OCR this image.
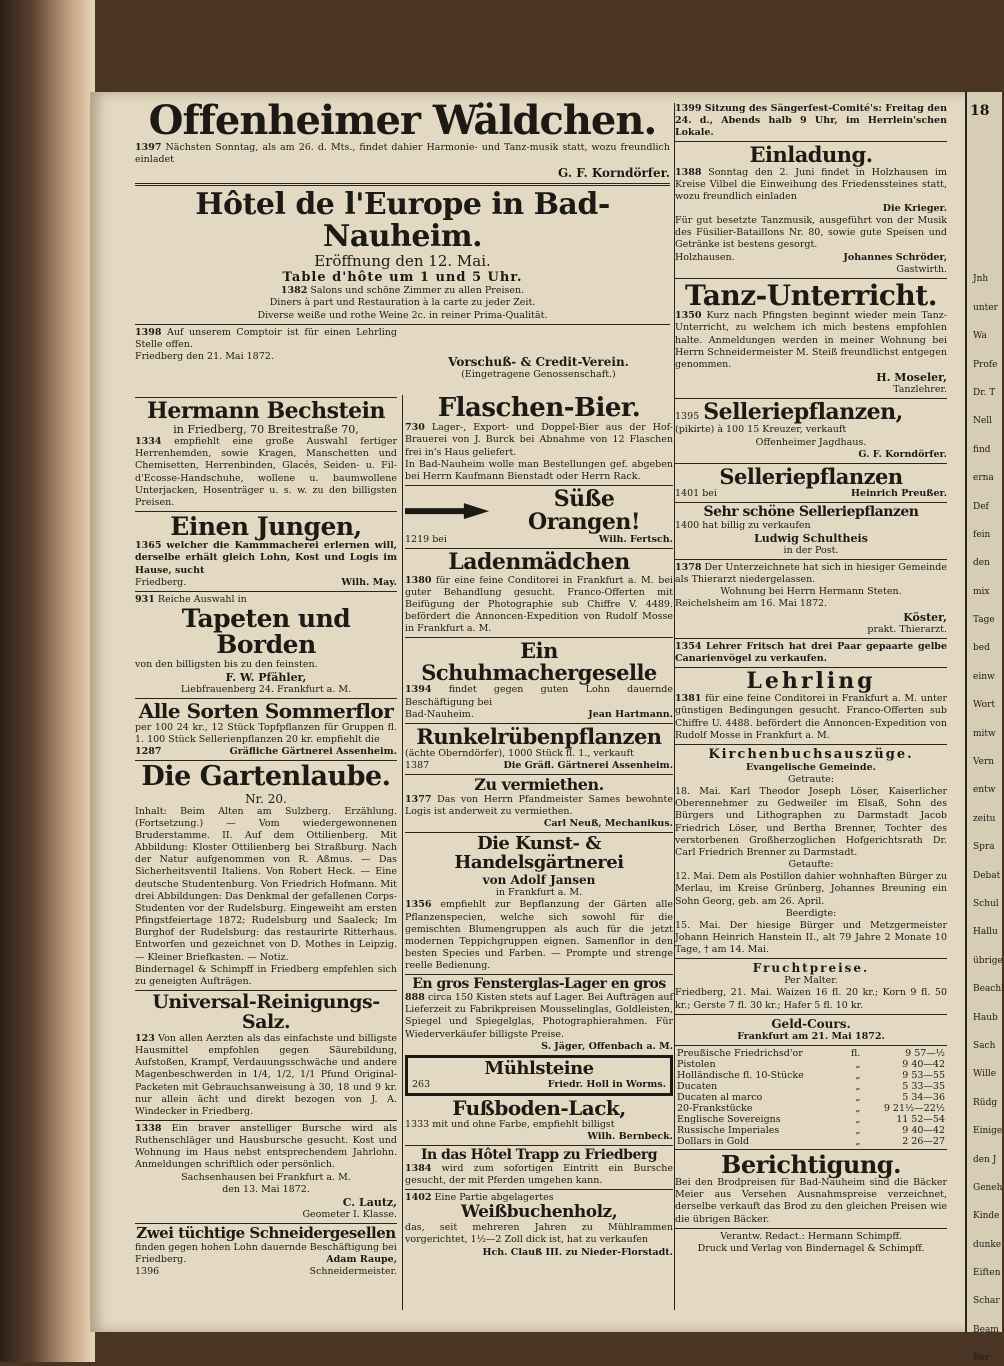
18
Jnh
unter
Wa
Profe
Dr. T
Nell
find
erna
Def
fein
den
mix
Tage
bed
einw
Wort
mitw
Vern
entw
zeitu
Spra
Debat
Schul
Hallu
übrige
Beachl
Haub
Sach
Wille
Rüdg
Einige
den J
Geneh
Kinde
dunke
Eiften
Schar
Beam
Ber
Offenheimer Wäldchen.
1397 Nächsten Sonntag, als am 26. d. Mts., findet dahier Harmonie- und Tanz-musik statt, wozu freundlich einladet
G. F. Korndörfer.
Hôtel de l'Europe in Bad-Nauheim.
Eröffnung den 12. Mai.
Table d'hôte um 1 und 5 Uhr.
1382 Salons und schöne Zimmer zu allen Preisen.
Diners à part und Restauration à la carte zu jeder Zeit.
Diverse weiße und rothe Weine 2c. in reiner Prima-Qualität.
1398 Auf unserem Comptoir ist für einen Lehrling Stelle offen.
Friedberg den 21. Mai 1872.	Vorschuß- & Credit-Verein.
(Eingetragene Genossenschaft.)
Hermann Bechstein
in Friedberg, 70 Breitestraße 70,
1334 empfiehlt eine große Auswahl fertiger Herrenhemden, sowie Kragen, Manschetten und Chemisetten, Herrenbinden, Glacés, Seiden- u. Fil-d'Ecosse-Handschuhe, wollene u. baumwollene Unterjacken, Hosenträger u. s. w. zu den billigsten Preisen.
Einen Jungen,
1365 welcher die Kammmacherei erlernen will, derselbe erhält gleich Lohn, Kost und Logis im Hause, sucht
Friedberg.	Wilh. May.
931 Reiche Auswahl in
Tapeten und Borden
von den billigsten bis zu den feinsten.
F. W. Pfähler,
Liebfrauenberg 24. Frankfurt a. M.
Alle Sorten Sommerflor
per 100 24 kr., 12 Stück Topfpflanzen für Gruppen fl. 1. 100 Stück Sellerienpflanzen 20 kr. empfiehlt die
1287	Gräfliche Gärtnerei Assenheim.
Die Gartenlaube.
Nr. 20.
Inhalt: Beim Alten am Sulzberg. Erzählung. (Fortsetzung.) — Vom wiedergewonnenen Bruderstamme. II. Auf dem Ottilienberg. Mit Abbildung: Kloster Ottilienberg bei Straßburg. Nach der Natur aufgenommen von R. Aßmus. — Das Sicherheitsventil Italiens. Von Robert Heck. — Eine deutsche Studentenburg. Von Friedrich Hofmann. Mit drei Abbildungen: Das Denkmal der gefallenen Corps-Studenten vor der Rudelsburg. Eingeweiht am ersten Pfingstfeiertage 1872; Rudelsburg und Saaleck; Im Burghof der Rudelsburg: das restaurirte Ritterhaus. Entworfen und gezeichnet von D. Mothes in Leipzig. — Kleiner Briefkasten. — Notiz.
Bindernagel & Schimpff in Friedberg empfehlen sich zu geneigten Aufträgen.
Universal-Reinigungs-Salz.
123 Von allen Aerzten als das einfachste und billigste Hausmittel empfohlen gegen Säurebildung, Aufstoßen, Krampf, Verdauungsschwäche und andere Magenbeschwerden in 1/4, 1/2, 1/1 Pfund Original-Packeten mit Gebrauchsanweisung à 30, 18 und 9 kr. nur allein ächt und direkt bezogen von J. A. Windecker in Friedberg.
1338 Ein braver anstelliger Bursche wird als Ruthenschläger und Hausbursche gesucht. Kost und Wohnung im Haus nebst entsprechendem Jahrlohn. Anmeldungen schriftlich oder persönlich.
Sachsenhausen bei Frankfurt a. M.
den 13. Mai 1872.
C. Lautz,
Geometer I. Klasse.
Zwei tüchtige Schneidergesellen
finden gegen hohen Lohn dauernde Beschäftigung bei
Friedberg.	Adam Raupe,
1396	Schneidermeister.
Flaschen-Bier.
730 Lager-, Export- und Doppel-Bier aus der Hof-Brauerei von J. Burck bei Abnahme von 12 Flaschen frei in's Haus geliefert.
In Bad-Nauheim wolle man Bestellungen gef. abgeben bei Herrn Kaufmann Bienstadt oder Herrn Rack.
Süße Orangen!
1219 bei	Wilh. Fertsch.
Ladenmädchen
1380 für eine feine Conditorei in Frankfurt a. M. bei guter Behandlung gesucht. Franco-Offerten mit Beifügung der Photographie sub Chiffre V. 4489. befördert die Annoncen-Expedition von Rudolf Mosse in Frankfurt a. M.
Ein Schuhmachergeselle
1394 findet gegen guten Lohn dauernde Beschäftigung bei
Bad-Nauheim.	Jean Hartmann.
Runkelrübenpflanzen
(ächte Oberndörfer), 1000 Stück fl. 1., verkauft
1387	Die Gräfl. Gärtnerei Assenheim.
Zu vermiethen.
1377 Das von Herrn Pfandmeister Sames bewohnte Logis ist anderweit zu vermiethen.
Carl Neuß, Mechanikus.
Die Kunst- & Handelsgärtnerei
von Adolf Jansen
in Frankfurt a. M.
1356 empfiehlt zur Bepflanzung der Gärten alle Pflanzenspecien, welche sich sowohl für die gemischten Blumengruppen als auch für die jetzt modernen Teppichgruppen eignen. Samenflor in den besten Species und Farben. — Prompte und strenge reelle Bedienung.
En gros Fensterglas-Lager en gros
888 circa 150 Kisten stets auf Lager. Bei Aufträgen auf Lieferzeit zu Fabrikpreisen Mousselinglas, Goldleisten, Spiegel und Spiegelglas, Photographierahmen. Für Wiederverkäufer billigste Preise.
S. Jäger, Offenbach a. M.
Mühlsteine
263	Friedr. Holl in Worms.
Fußboden-Lack,
1333 mit und ohne Farbe, empfiehlt billigst
Wilh. Bernbeck.
In das Hôtel Trapp zu Friedberg
1384 wird zum sofortigen Eintritt ein Bursche gesucht, der mit Pferden umgehen kann.
1402 Eine Partie abgelagertes
Weißbuchenholz,
das, seit mehreren Jahren zu Mühlrammen vorgerichtet, 1½—2 Zoll dick ist, hat zu verkaufen
Hch. Clauß III. zu Nieder-Florstadt.
1399 Sitzung des Sängerfest-Comité's: Freitag den 24. d., Abends halb 9 Uhr, im Herrlein'schen Lokale.
Einladung.
1388 Sonntag den 2. Juni findet in Holzhausen im Kreise Vilbel die Einweihung des Friedenssteines statt, wozu freundlich einladen
Die Krieger.
Für gut besetzte Tanzmusik, ausgeführt von der Musik des Füsilier-Bataillons Nr. 80, sowie gute Speisen und Getränke ist bestens gesorgt.
Holzhausen.	Johannes Schröder,
Gastwirth.
Tanz-Unterricht.
1350 Kurz nach Pfingsten beginnt wieder mein Tanz-Unterricht, zu welchem ich mich bestens empfohlen halte. Anmeldungen werden in meiner Wohnung bei Herrn Schneidermeister M. Steiß freundlichst entgegen genommen.
H. Moseler,
Tanzlehrer.
1395 Selleriepflanzen,
(pikirte) à 100 15 Kreuzer, verkauft
Offenheimer Jagdhaus.
G. F. Korndörfer.
Selleriepflanzen
1401 bei	Heinrich Preußer.
Sehr schöne Selleriepflanzen
1400 hat billig zu verkaufen
Ludwig Schultheis
in der Post.
1378 Der Unterzeichnete hat sich in hiesiger Gemeinde als Thierarzt niedergelassen.
Wohnung bei Herrn Hermann Steten.
Reichelsheim am 16. Mai 1872.
Köster,
prakt. Thierarzt.
1354 Lehrer Fritsch hat drei Paar gepaarte gelbe Canarienvögel zu verkaufen.
Lehrling
1381 für eine feine Conditorei in Frankfurt a. M. unter günstigen Bedingungen gesucht. Franco-Offerten sub Chiffre U. 4488. befördert die Annoncen-Expedition von Rudolf Mosse in Frankfurt a. M.
Kirchenbuchsauszüge.
Evangelische Gemeinde.
Getraute:
18. Mai. Karl Theodor Joseph Löser, Kaiserlicher Oberennehmer zu Gedweiler im Elsaß, Sohn des Bürgers und Lithographen zu Darmstadt Jacob Friedrich Löser, und Bertha Brenner, Tochter des verstorbenen Großherzoglichen Hofgerichtsrath Dr. Carl Friedrich Brenner zu Darmstadt.
Getaufte:
12. Mai. Dem als Postillon dahier wohnhaften Bürger zu Merlau, im Kreise Grünberg, Johannes Breuning ein Sohn Georg, geb. am 26. April.
Beerdigte:
15. Mai. Der hiesige Bürger und Metzgermeister Johann Heinrich Hanstein II., alt 79 Jahre 2 Monate 10 Tage, † am 14. Mai.
Fruchtpreise.
Per Malter.
Friedberg, 21. Mai. Waizen 16 fl. 20 kr.; Korn 9 fl. 50 kr.; Gerste 7 fl. 30 kr.; Hafer 5 fl. 10 kr.
Geld-Cours.
Frankfurt am 21. Mai 1872.
Preußische Friedrichsd'or	fl.	9 57—½
Pistolen	„	9 40—42
Holländische fl. 10-Stücke	„	9 53—55
Ducaten	„	5 33—35
Ducaten al marco	„	5 34—36
20-Frankstücke	„	9 21½—22½
Englische Sovereigns	„	11 52—54
Russische Imperiales	„	9 40—42
Dollars in Gold	„	2 26—27
Berichtigung.
Bei den Brodpreisen für Bad-Nauheim sind die Bäcker Meier aus Versehen Ausnahmspreise verzeichnet, derselbe verkauft das Brod zu den gleichen Preisen wie die übrigen Bäcker.
Verantw. Redact.: Hermann Schimpff.
Druck und Verlag von Bindernagel & Schimpff.
